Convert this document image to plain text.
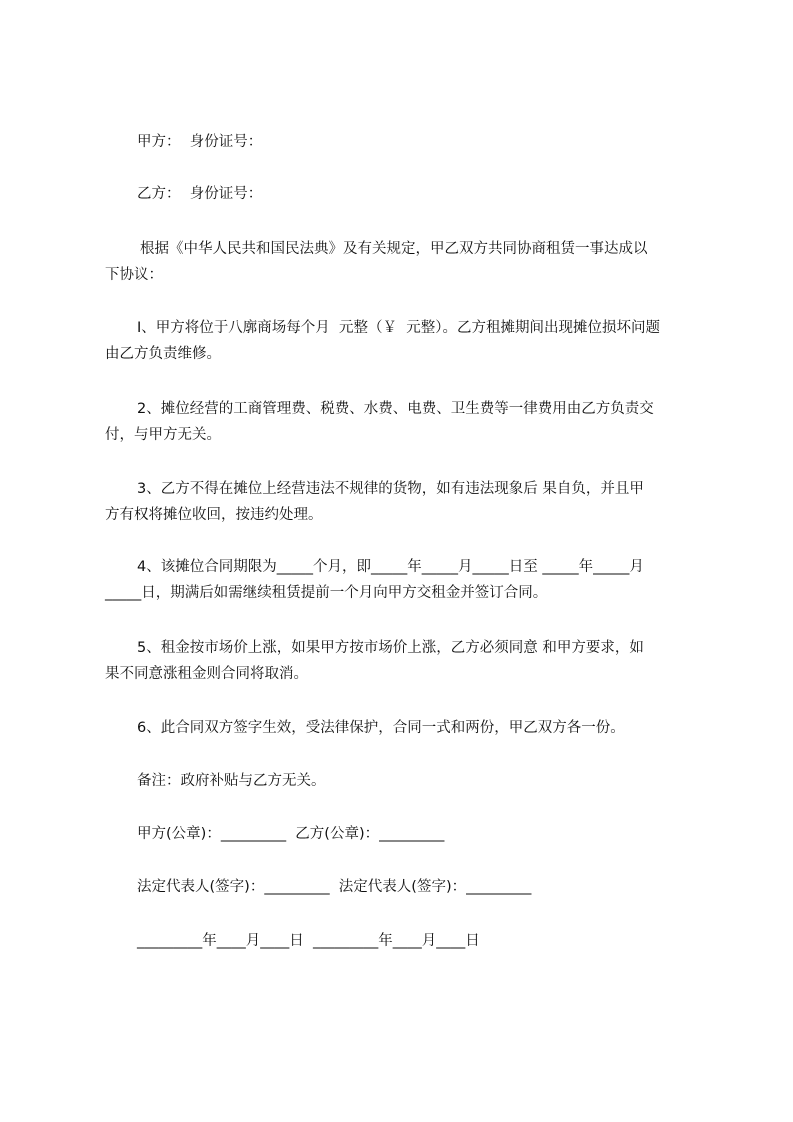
甲方：  身份证号：
乙方：  身份证号：
根据《中华人民共和国民法典》及有关规定，甲乙双方共同协商租赁一事达成以
下协议：
I、甲方将位于八廓商场每个月  元整（￥  元整）。乙方租摊期间出现摊位损坏问题
由乙方负责维修。
2、摊位经营的工商管理费、税费、水费、电费、卫生费等一律费用由乙方负责交
付，与甲方无关。
3、乙方不得在摊位上经营违法不规律的货物，如有违法现象后 果自负，并且甲
方有权将摊位收回，按违约处理。
4、该摊位合同期限为_____个月，即_____年_____月_____日至 _____年_____月
_____日，期满后如需继续租赁提前一个月向甲方交租金并签订合同。
5、租金按市场价上涨，如果甲方按市场价上涨，乙方必须同意 和甲方要求，如
果不同意涨租金则合同将取消。
6、此合同双方签字生效，受法律保护，合同一式和两份，甲乙双方各一份。
备注：政府补贴与乙方无关。
甲方(公章)：_________  乙方(公章)：_________
法定代表人(签字)：_________  法定代表人(签字)：_________
_________年____月____日  _________年____月____日
